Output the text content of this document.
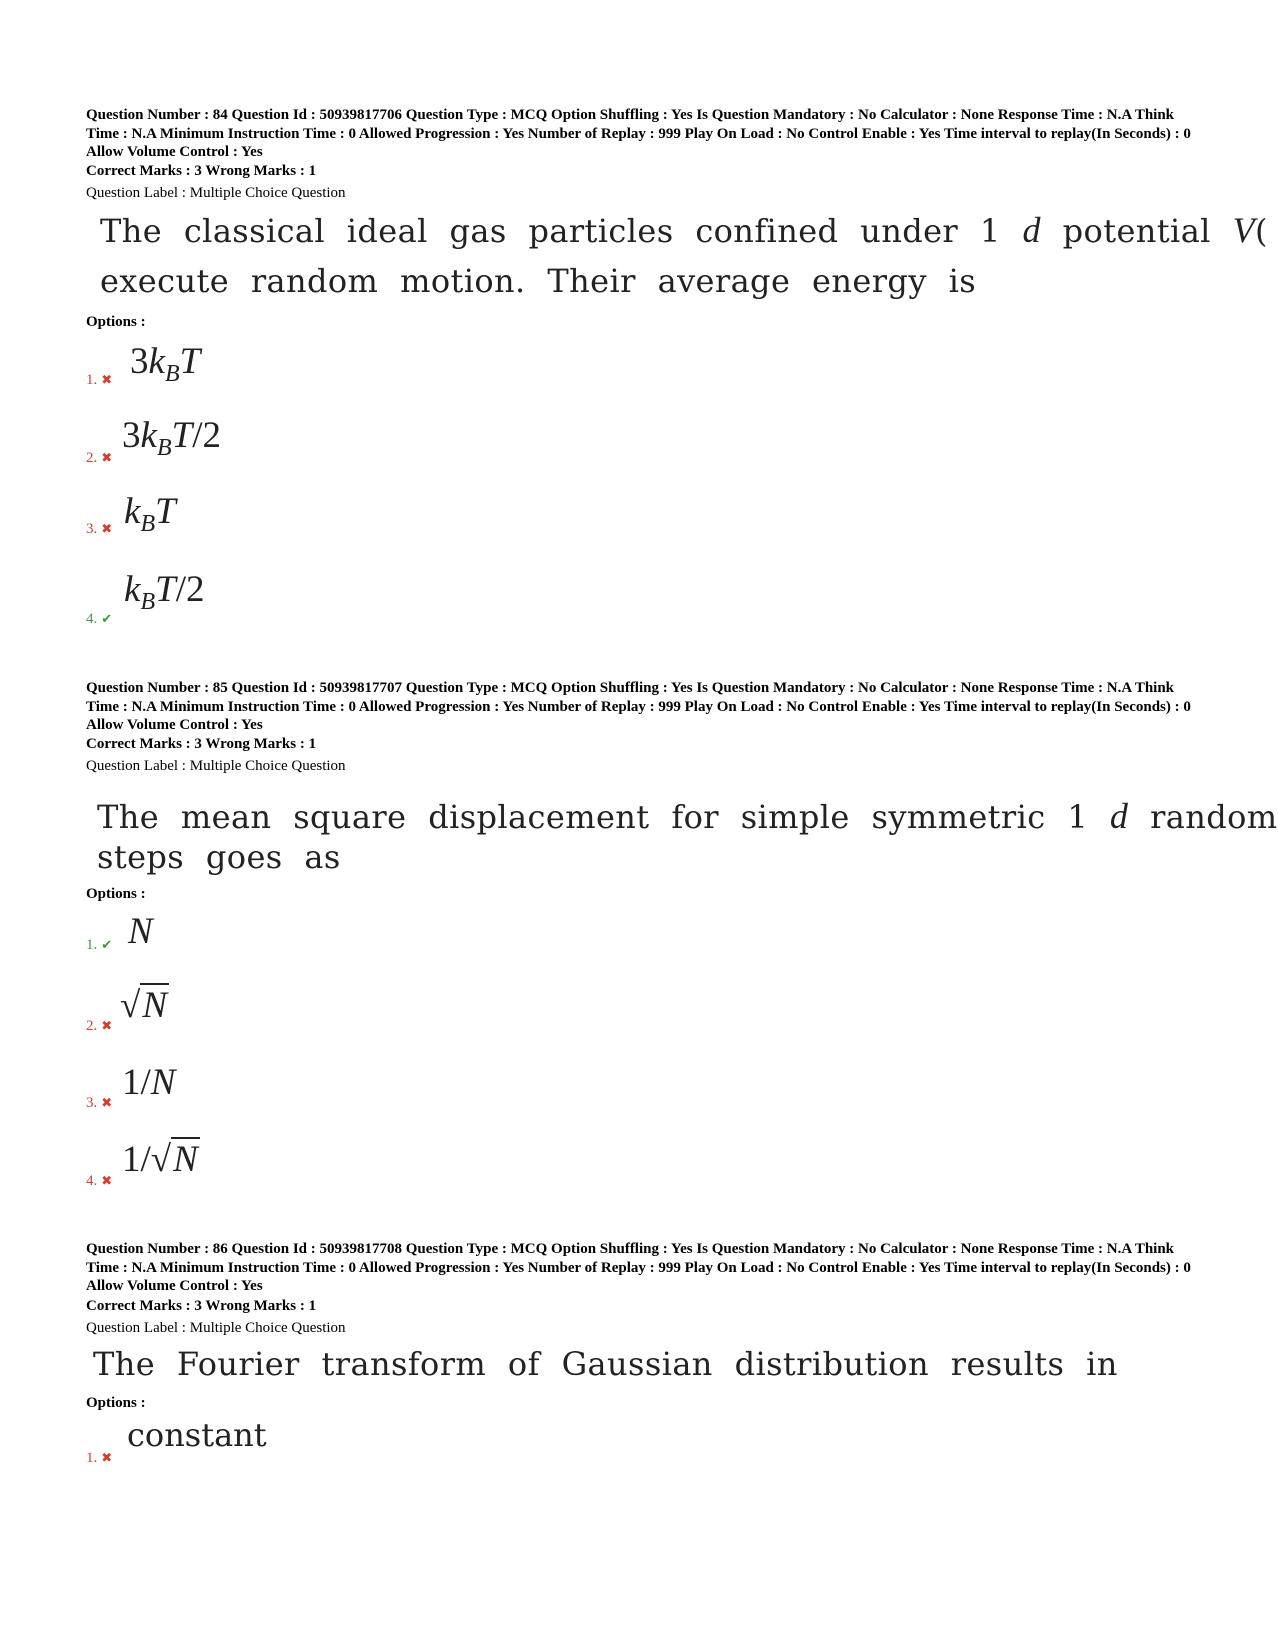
Question Number : 84 Question Id : 50939817706 Question Type : MCQ Option Shuffling : Yes Is Question Mandatory : No Calculator : None Response Time : N.A Think Time : N.A Minimum Instruction Time : 0 Allowed Progression : Yes Number of Replay : 999 Play On Load : No Control Enable : Yes Time interval to replay(In Seconds) : 0 Allow Volume Control : Yes
Correct Marks : 3 Wrong Marks : 1
Question Label : Multiple Choice Question
The classical ideal gas particles confined under 1 d potential V(
execute random motion. Their average energy is
Options :
1. ✖ $3k_BT$
2. ✖
$3k_BT/2$
3. ✖ $k_BT$
4. ✔
$k_BT/2$
Question Number : 85 Question Id : 50939817707 Question Type : MCQ Option Shuffling : Yes Is Question Mandatory : No Calculator : None Response Time : N.A Think Time : N.A Minimum Instruction Time : 0 Allowed Progression : Yes Number of Replay : 999 Play On Load : No Control Enable : Yes Time interval to replay(In Seconds) : 0 Allow Volume Control : Yes
Correct Marks : 3 Wrong Marks : 1
Question Label : Multiple Choice Question
The mean square displacement for simple symmetric 1 d random
steps goes as
Options :
1. ✔ N
2. ✖ √N
3. ✖ 1/N
4. ✖
1/√N
Question Number : 86 Question Id : 50939817708 Question Type : MCQ Option Shuffling : Yes Is Question Mandatory : No Calculator : None Response Time : N.A Think Time : N.A Minimum Instruction Time : 0 Allowed Progression : Yes Number of Replay : 999 Play On Load : No Control Enable : Yes Time interval to replay(In Seconds) : 0 Allow Volume Control : Yes
Correct Marks : 3 Wrong Marks : 1
Question Label : Multiple Choice Question
The Fourier transform of Gaussian distribution results in
Options :
1. ✖
constant
